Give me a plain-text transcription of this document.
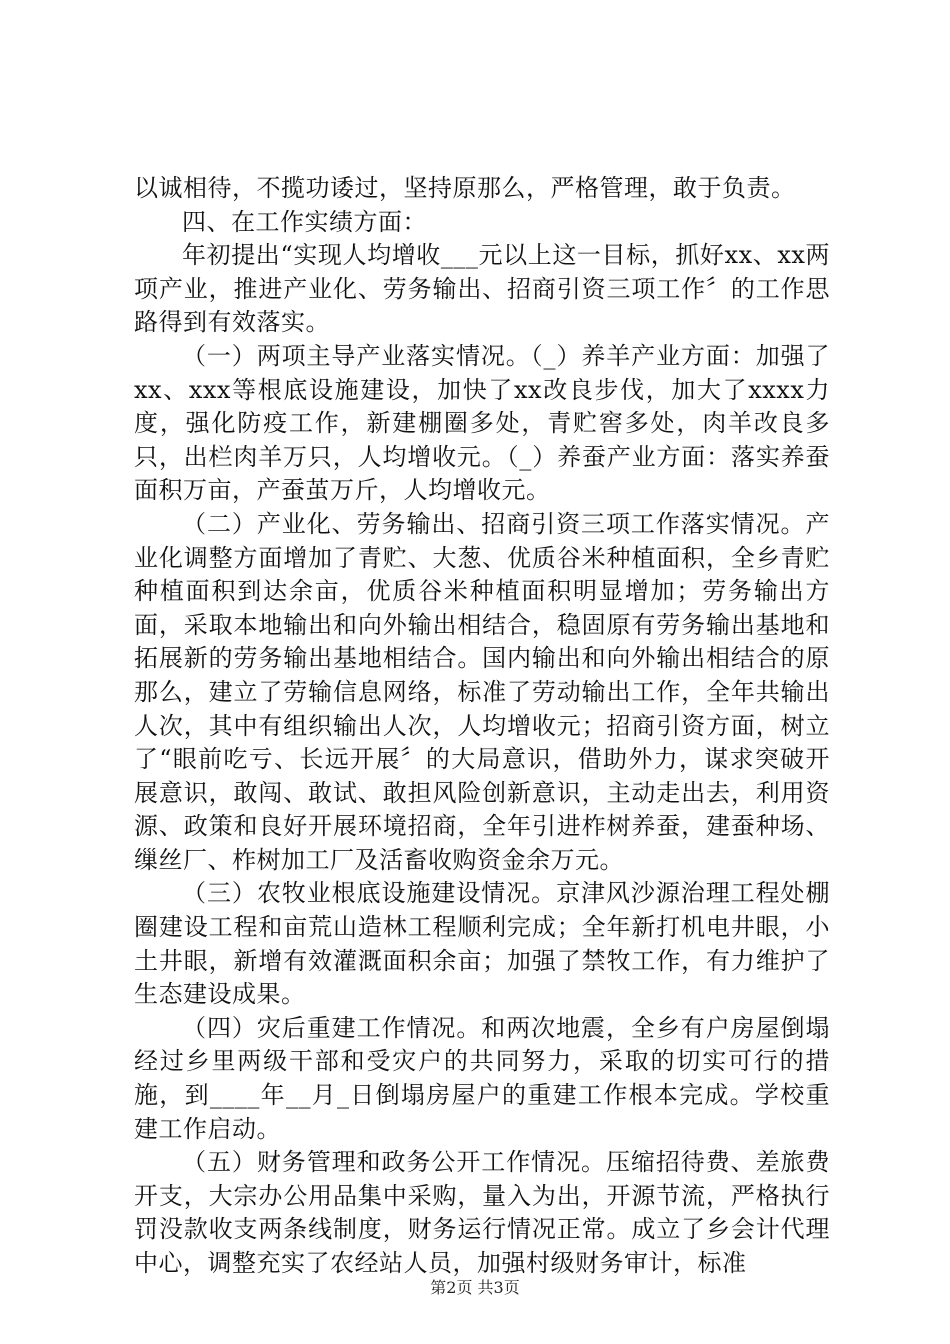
以诚相待，不揽功诿过，坚持原那么，严格管理，敢于负责。

四、在工作实绩方面：

年初提出“实现人均增收___元以上这一目标，抓好xx、xx两项产业，推进产业化、劳务输出、招商引资三项工作〞的工作思路得到有效落实。

（一）两项主导产业落实情况。（_）养羊产业方面：加强了xx、xxx等根底设施建设，加快了xx改良步伐，加大了xxxx力度，强化防疫工作，新建棚圈多处，青贮窖多处，肉羊改良多只，出栏肉羊万只，人均增收元。（_）养蚕产业方面：落实养蚕面积万亩，产蚕茧万斤，人均增收元。

（二）产业化、劳务输出、招商引资三项工作落实情况。产业化调整方面增加了青贮、大葱、优质谷米种植面积，全乡青贮种植面积到达余亩，优质谷米种植面积明显增加；劳务输出方面，采取本地输出和向外输出相结合，稳固原有劳务输出基地和拓展新的劳务输出基地相结合。国内输出和向外输出相结合的原那么，建立了劳输信息网络，标准了劳动输出工作，全年共输出人次，其中有组织输出人次，人均增收元；招商引资方面，树立了“眼前吃亏、长远开展〞的大局意识，借助外力，谋求突破开展意识，敢闯、敢试、敢担风险创新意识，主动走出去，利用资源、政策和良好开展环境招商，全年引进柞树养蚕，建蚕种场、缫丝厂、柞树加工厂及活畜收购资金余万元。

（三）农牧业根底设施建设情况。京津风沙源治理工程处棚圈建设工程和亩荒山造林工程顺利完成；全年新打机电井眼，小土井眼，新增有效灌溉面积余亩；加强了禁牧工作，有力维护了生态建设成果。

（四）灾后重建工作情况。和两次地震，全乡有户房屋倒塌经过乡里两级干部和受灾户的共同努力，采取的切实可行的措施，到____年__月_日倒塌房屋户的重建工作根本完成。学校重建工作启动。

（五）财务管理和政务公开工作情况。压缩招待费、差旅费开支，大宗办公用品集中采购，量入为出，开源节流，严格执行罚没款收支两条线制度，财务运行情况正常。成立了乡会计代理中心，调整充实了农经站人员，加强村级财务审计，标准

第2页 共3页
